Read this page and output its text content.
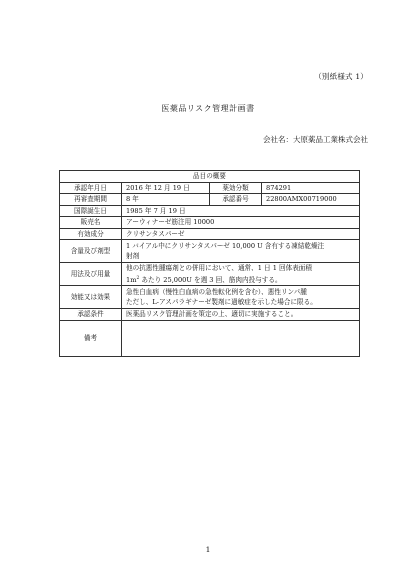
（別紙様式 1）
医薬品リスク管理計画書
会社名：大原薬品工業株式会社
品目の概要			
承認年月日	2016 年 12 月 19 日	薬効分類	874291
再審査期間	8 年	承認番号	22800AMX00719000
国際誕生日	1985 年 7 月 19 日		
販売名	アーウィナーゼ筋注用 10000		
有効成分	クリサンタスパーゼ		
含量及び剤型	1 バイアル中にクリサンタスパーゼ 10,000 U 含有する凍結乾燥注
射剤		

用法及び用量	他の抗悪性腫瘍剤との併用において、通常、1 日 1 回体表面積
$1m^2$ あたり 25,000U を週 3 回、筋肉内投与する。		

効能又は効果	急性白血病（慢性白血病の急性転化例を含む）、悪性リンパ腫
ただし、L-アスパラギナーゼ製剤に過敏症を示した場合に限る。		

承認条件	医薬品リスク管理計画を策定の上、適切に実施すること。		
備考			
1
